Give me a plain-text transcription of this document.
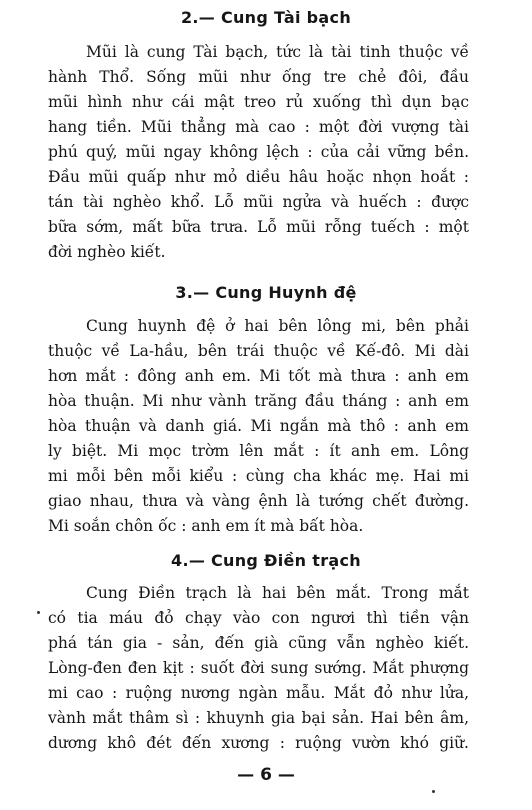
2.— Cung Tài bạch
Mũi là cung Tài bạch, tức là tài tinh thuộc về
hành Thổ. Sống mũi như ống tre chẻ đôi, đầu
mũi hình như cái mật treo rủ xuống thì dụn bạc
hang tiền. Mũi thẳng mà cao : một đời vượng tài
phú quý, mũi ngay không lệch : của cải vững bền.
Đầu mũi quấp như mỏ diều hâu hoặc nhọn hoắt :
tán tài nghèo khổ. Lỗ mũi ngửa và huếch : được
bữa sớm, mất bữa trưa. Lỗ mũi rỗng tuếch : một
đời nghèo kiết.
3.— Cung Huynh đệ
Cung huynh đệ ở hai bên lông mi, bên phải
thuộc về La-hầu, bên trái thuộc về Kế-đô. Mi dài
hơn mắt : đông anh em. Mi tốt mà thưa : anh em
hòa thuận. Mi như vành trăng đầu tháng : anh em
hòa thuận và danh giá. Mi ngắn mà thô : anh em
ly biệt. Mi mọc trờm lên mắt : ít anh em. Lông
mi mỗi bên mỗi kiểu : cùng cha khác mẹ. Hai mi
giao nhau, thưa và vàng ệnh là tướng chết đường.
Mi soắn chôn ốc : anh em ít mà bất hòa.
4.— Cung Điền trạch
Cung Điền trạch là hai bên mắt. Trong mắt
có tia máu đỏ chạy vào con ngươi thì tiền vận
phá tán gia - sản, đến già cũng vẫn nghèo kiết.
Lòng-đen đen kịt : suốt đời sung sướng. Mắt phượng
mi cao : ruộng nương ngàn mẫu. Mắt đỏ như lửa,
vành mắt thâm sì : khuynh gia bại sản. Hai bên âm,
dương khô đét đến xương : ruộng vườn khó giữ.
— 6 —
